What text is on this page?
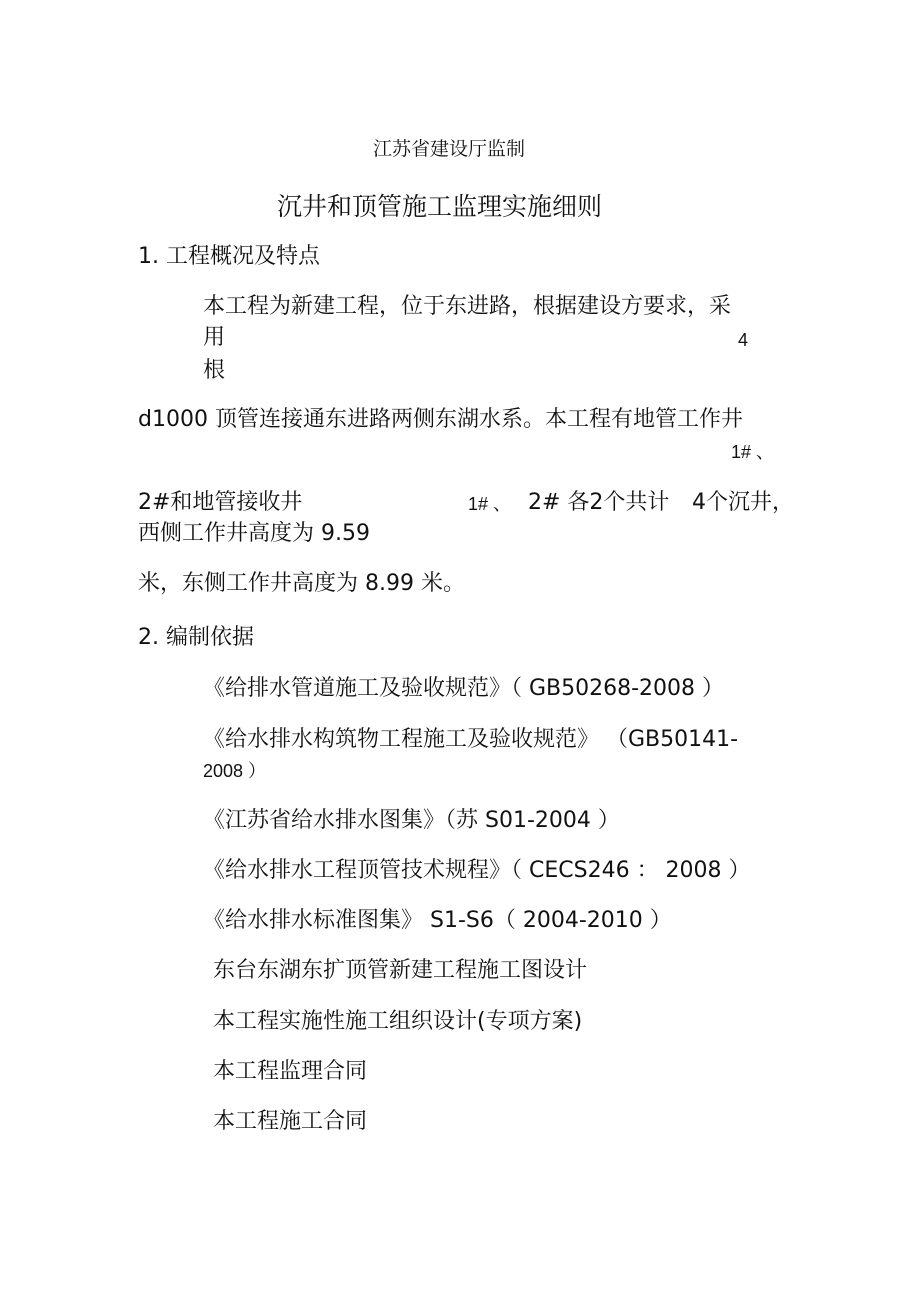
江苏省建设厅监制
沉井和顶管施工监理实施细则
1. 工程概况及特点
本工程为新建工程，位于东进路，根据建设方要求，采
用	4
根
d1000 顶管连接通东进路两侧东湖水系。本工程有地管工作井
1# 、
2#和地管接收井	1# 、 2# 各2个共计 4个沉井，
西侧工作井高度为 9.59
米，东侧工作井高度为 8.99 米。
2. 编制依据
《给排水管道施工及验收规范》（ GB50268-2008 ）
《给水排水构筑物工程施工及验收规范》 （GB50141-
2008 ）
《江苏省给水排水图集》（苏 S01-2004 ）
《给水排水工程顶管技术规程》（ CECS246 ： 2008 ）
《给水排水标准图集》 S1-S6（ 2004-2010 ）
东台东湖东扩顶管新建工程施工图设计
本工程实施性施工组织设计(专项方案)
本工程监理合同
本工程施工合同
